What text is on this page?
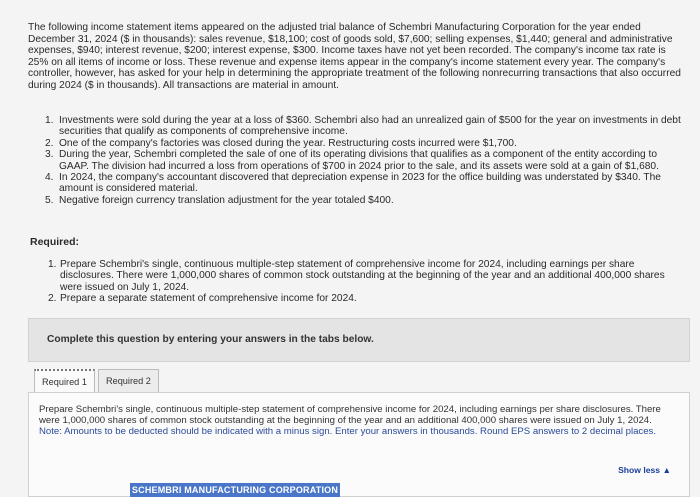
The following income statement items appeared on the adjusted trial balance of Schembri Manufacturing Corporation for the year ended December 31, 2024 ($ in thousands): sales revenue, $18,100; cost of goods sold, $7,600; selling expenses, $1,440; general and administrative expenses, $940; interest revenue, $200; interest expense, $300. Income taxes have not yet been recorded. The company's income tax rate is 25% on all items of income or loss. These revenue and expense items appear in the company's income statement every year. The company's controller, however, has asked for your help in determining the appropriate treatment of the following nonrecurring transactions that also occurred during 2024 ($ in thousands). All transactions are material in amount.

1. Investments were sold during the year at a loss of $360. Schembri also had an unrealized gain of $500 for the year on investments in debt securities that qualify as components of comprehensive income.
2. One of the company's factories was closed during the year. Restructuring costs incurred were $1,700.
3. During the year, Schembri completed the sale of one of its operating divisions that qualifies as a component of the entity according to GAAP. The division had incurred a loss from operations of $700 in 2024 prior to the sale, and its assets were sold at a gain of $1,680.
4. In 2024, the company's accountant discovered that depreciation expense in 2023 for the office building was understated by $340. The amount is considered material.
5. Negative foreign currency translation adjustment for the year totaled $400.

Required:

1. Prepare Schembri's single, continuous multiple-step statement of comprehensive income for 2024, including earnings per share disclosures. There were 1,000,000 shares of common stock outstanding at the beginning of the year and an additional 400,000 shares were issued on July 1, 2024.
2. Prepare a separate statement of comprehensive income for 2024.
Complete this question by entering your answers in the tabs below.
Required 1	Required 2

Prepare Schembri's single, continuous multiple-step statement of comprehensive income for 2024, including earnings per share disclosures. There were 1,000,000 shares of common stock outstanding at the beginning of the year and an additional 400,000 shares were issued on July 1, 2024.
Note: Amounts to be deducted should be indicated with a minus sign. Enter your answers in thousands. Round EPS answers to 2 decimal places.

Show less ▲
SCHEMBRI MANUFACTURING CORPORATION
